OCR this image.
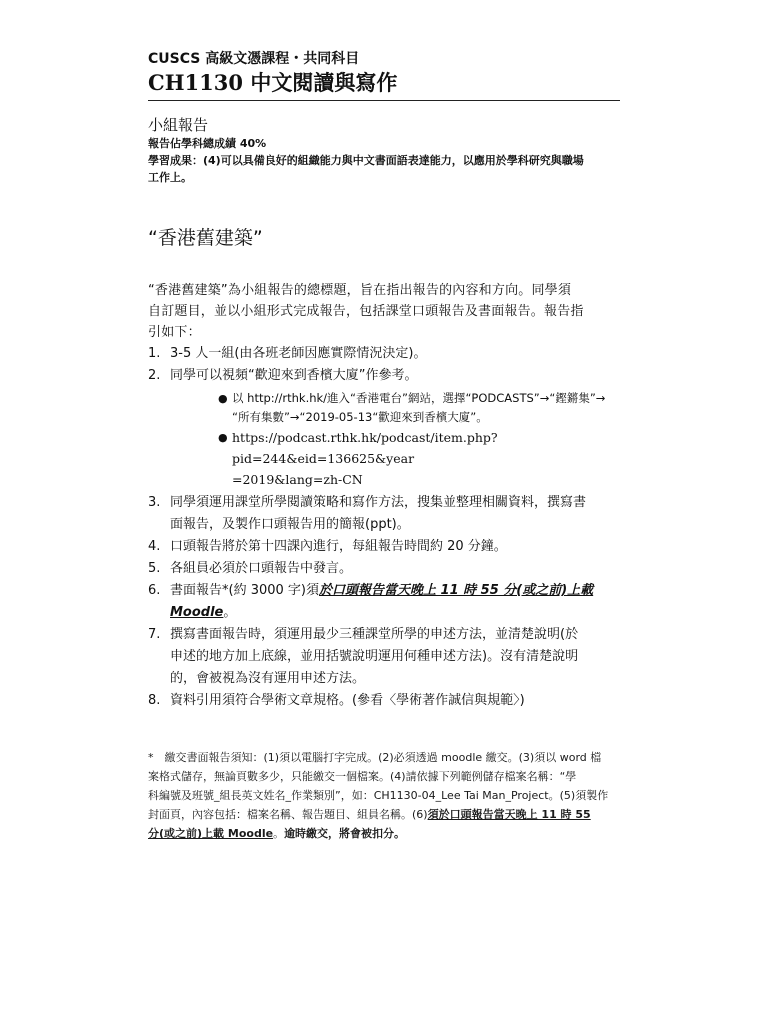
CUSCS 高級文憑課程・共同科目
CH1130 中文閱讀與寫作
小組報告
報告佔學科總成績 40%
學習成果：(4)可以具備良好的組織能力與中文書面語表達能力，以應用於學科研究與職場
工作上。
“香港舊建築”
“香港舊建築”為小組報告的總標題，旨在指出報告的內容和方向。同學須
自訂題目，並以小組形式完成報告，包括課堂口頭報告及書面報告。報告指
引如下：
1. 3-5 人一組(由各班老師因應實際情況決定)。
2. 同學可以視頻“歡迎來到香檳大廈”作參考。
● 以 http://rthk.hk/進入“香港電台”網站，選擇“PODCASTS”→“鏗鏘集”→
“所有集數”→“2019-05-13“歡迎來到香檳大廈”。
● https://podcast.rthk.hk/podcast/item.php?pid=244&eid=136625&year
=2019&lang=zh-CN
3. 同學須運用課堂所學閱讀策略和寫作方法，搜集並整理相關資料，撰寫書
面報告，及製作口頭報告用的簡報(ppt)。
4. 口頭報告將於第十四課內進行，每組報告時間約 20 分鐘。
5. 各組員必須於口頭報告中發言。
6. 書面報告*(約 3000 字)須於口頭報告當天晚上 11 時 55 分(或之前)上載
Moodle。
7. 撰寫書面報告時，須運用最少三種課堂所學的申述方法，並清楚說明(於
申述的地方加上底線，並用括號說明運用何種申述方法)。沒有清楚說明
的，會被視為沒有運用申述方法。
8. 資料引用須符合學術文章規格。(參看〈學術著作誠信與規範〉)
*　繳交書面報告須知：(1)須以電腦打字完成。(2)必須透過 moodle 繳交。(3)須以 word 檔
案格式儲存，無論頁數多少，只能繳交一個檔案。(4)請依據下列範例儲存檔案名稱：“學
科編號及班號_組長英文姓名_作業類別”，如：CH1130-04_Lee Tai Man_Project。(5)須製作
封面頁，內容包括：檔案名稱、報告題目、組員名稱。(6)須於口頭報告當天晚上 11 時 55
分(或之前)上載 Moodle。逾時繳交，將會被扣分。
